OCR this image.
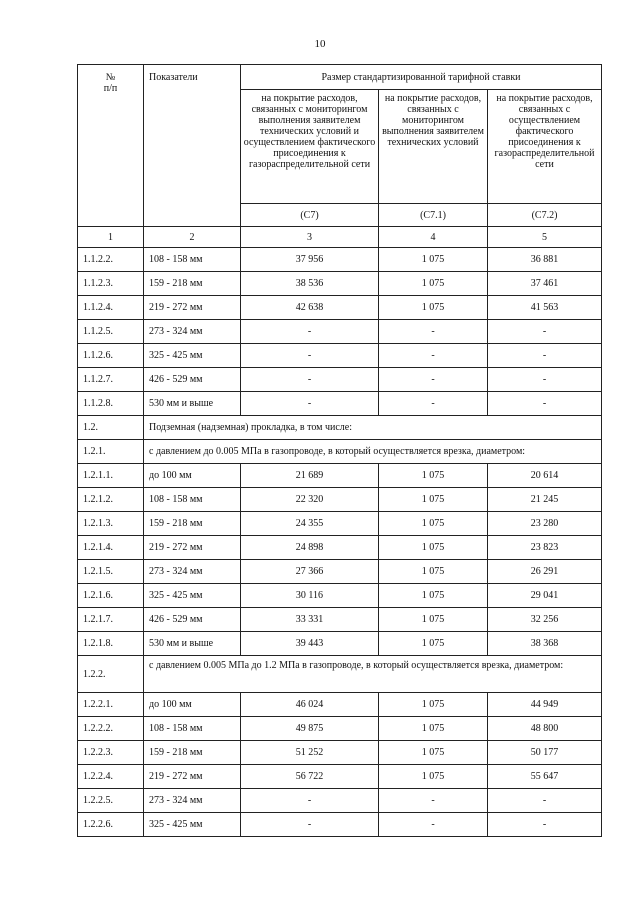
10
№
п/п	Показатели	Размер стандартизированной тарифной ставки		
		на покрытие расходов, связанных с мониторингом выполнения заявителем технических условий и осуществлением фактического присоединения к газораспределительной сети	на покрытие расходов, связанных с мониторингом выполнения заявителем технических условий	на покрытие расходов, связанных с осуществлением фактического присоединения к газораспределительной сети
		(С7)	(С7.1)	(С7.2)
1	2	3	4	5
1.1.2.2.	108 - 158 мм	37 956	1 075	36 881
1.1.2.3.	159 - 218 мм	38 536	1 075	37 461
1.1.2.4.	219 - 272 мм	42 638	1 075	41 563
1.1.2.5.	273 - 324 мм	-	-	-
1.1.2.6.	325 - 425 мм	-	-	-
1.1.2.7.	426 - 529 мм	-	-	-
1.1.2.8.	530 мм и выше	-	-	-
1.2.	Подземная (надземная) прокладка, в том числе:			
1.2.1.	с давлением до 0.005 МПа в газопроводе, в который осуществляется врезка, диаметром:			
1.2.1.1.	до 100 мм	21 689	1 075	20 614
1.2.1.2.	108 - 158 мм	22 320	1 075	21 245
1.2.1.3.	159 - 218 мм	24 355	1 075	23 280
1.2.1.4.	219 - 272 мм	24 898	1 075	23 823
1.2.1.5.	273 - 324 мм	27 366	1 075	26 291
1.2.1.6.	325 - 425 мм	30 116	1 075	29 041
1.2.1.7.	426 - 529 мм	33 331	1 075	32 256
1.2.1.8.	530 мм и выше	39 443	1 075	38 368
1.2.2.	с давлением 0.005 МПа до 1.2 МПа в газопроводе, в который осуществляется врезка, диаметром:			
1.2.2.1.	до 100 мм	46 024	1 075	44 949
1.2.2.2.	108 - 158 мм	49 875	1 075	48 800
1.2.2.3.	159 - 218 мм	51 252	1 075	50 177
1.2.2.4.	219 - 272 мм	56 722	1 075	55 647
1.2.2.5.	273 - 324 мм	-	-	-
1.2.2.6.	325 - 425 мм	-	-	-
